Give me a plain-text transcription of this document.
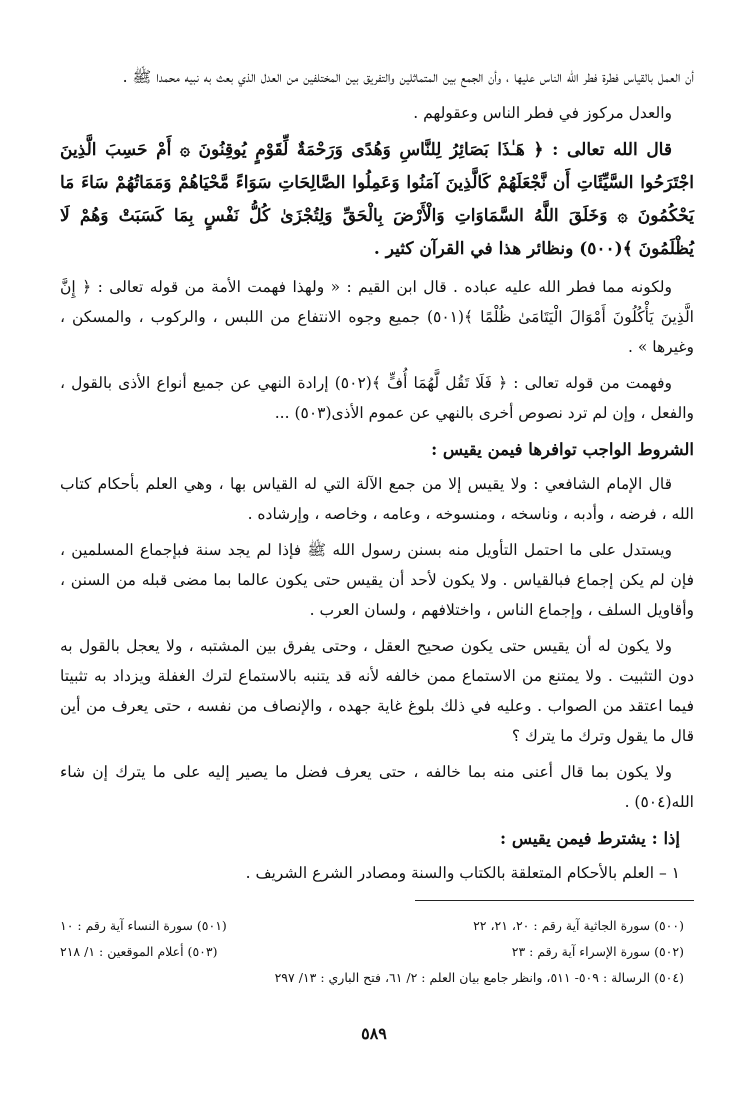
أن العمل بالقياس فطرة فطر الله الناس عليها ، وأن الجمع بين المتماثلين والتفريق بين المختلفين من العدل الذي بعث به نبيه محمدا ﷺ .

والعدل مركوز في فطر الناس وعقولهم .

قال الله تعالى : ﴿ هَـٰذَا بَصَائِرُ لِلنَّاسِ وَهُدًى وَرَحْمَةٌ لِّقَوْمٍ يُوقِنُونَ ۞ أَمْ حَسِبَ الَّذِينَ اجْتَرَحُوا السَّيِّئَاتِ أَن نَّجْعَلَهُمْ كَالَّذِينَ آمَنُوا وَعَمِلُوا الصَّالِحَاتِ سَوَاءً مَّحْيَاهُمْ وَمَمَاتُهُمْ سَاءَ مَا يَحْكُمُونَ ۞ وَخَلَقَ اللَّهُ السَّمَاوَاتِ وَالْأَرْضَ بِالْحَقِّ وَلِتُجْزَىٰ كُلُّ نَفْسٍ بِمَا كَسَبَتْ وَهُمْ لَا يُظْلَمُونَ ﴾(٥٠٠) ونظائر هذا في القرآن كثير .

ولكونه مما فطر الله عليه عباده . قال ابن القيم : « ولهذا فهمت الأمة من قوله تعالى : ﴿ إِنَّ الَّذِينَ يَأْكُلُونَ أَمْوَالَ الْيَتَامَىٰ ظُلْمًا ﴾(٥٠١) جميع وجوه الانتفاع من اللبس ، والركوب ، والمسكن ، وغيرها » .

وفهمت من قوله تعالى : ﴿ فَلَا تَقُل لَّهُمَا أُفٍّ ﴾(٥٠٢) إرادة النهي عن جميع أنواع الأذى بالقول ، والفعل ، وإن لم ترد نصوص أخرى بالنهي عن عموم الأذى(٥٠٣) ...

الشروط الواجب توافرها فيمن يقيس :

قال الإمام الشافعي : ولا يقيس إلا من جمع الآلة التي له القياس بها ، وهي العلم بأحكام كتاب الله ، فرضه ، وأدبه ، وناسخه ، ومنسوخه ، وعامه ، وخاصه ، وإرشاده .

ويستدل على ما احتمل التأويل منه بسنن رسول الله ﷺ فإذا لم يجد سنة فبإجماع المسلمين ، فإن لم يكن إجماع فبالقياس . ولا يكون لأحد أن يقيس حتى يكون عالما بما مضى قبله من السنن ، وأقاويل السلف ، وإجماع الناس ، واختلافهم ، ولسان العرب .

ولا يكون له أن يقيس حتى يكون صحيح العقل ، وحتى يفرق بين المشتبه ، ولا يعجل بالقول به دون التثبيت . ولا يمتنع من الاستماع ممن خالفه لأنه قد يتنبه بالاستماع لترك الغفلة ويزداد به تثبيتا فيما اعتقد من الصواب . وعليه في ذلك بلوغ غاية جهده ، والإنصاف من نفسه ، حتى يعرف من أين قال ما يقول وترك ما يترك ؟

ولا يكون بما قال أعنى منه بما خالفه ، حتى يعرف فضل ما يصير إليه على ما يترك إن شاء الله(٥٠٤) .

إذا : يشترط فيمن يقيس :

١ – العلم بالأحكام المتعلقة بالكتاب والسنة ومصادر الشرع الشريف .

(٥٠٠) سورة الجاثية آية رقم : ٢٠، ٢١، ٢٢
(٥٠١) سورة النساء آية رقم : ١٠
(٥٠٢) سورة الإسراء آية رقم : ٢٣
(٥٠٣) أعلام الموقعين : ١/ ٢١٨
(٥٠٤) الرسالة : ٥٠٩- ٥١١، وانظر جامع بيان العلم : ٢/ ٦١، فتح الباري : ١٣/ ٢٩٧
٥٨٩
